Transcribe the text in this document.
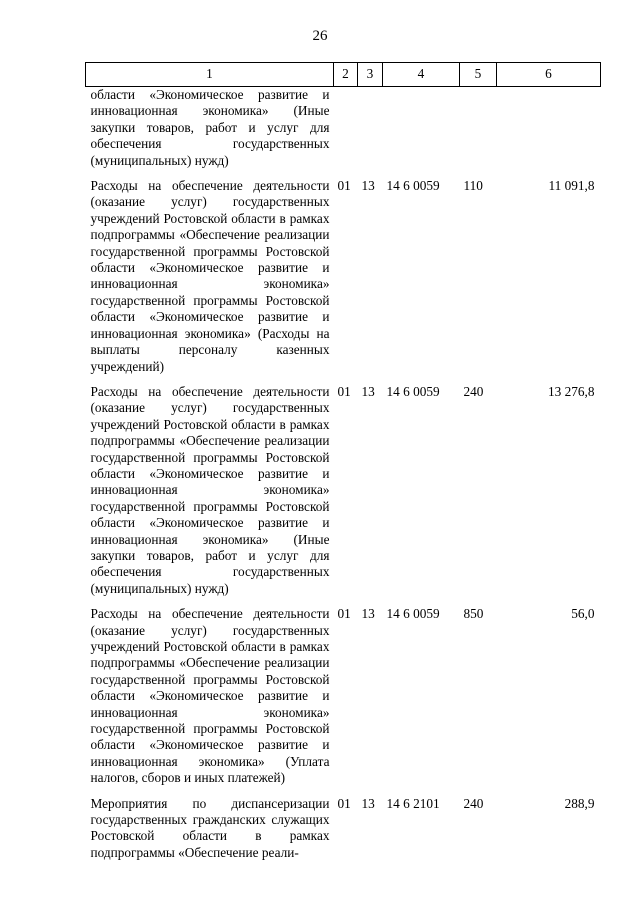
26
1	2	3	4	5	6
области «Экономическое развитие и инновационная экономика» (Иные закупки товаров, работ и услуг для обеспечения государственных (муниципальных) нужд)					
Расходы на обеспечение деятельности (оказание услуг) государственных учреждений Ростовской области в рамках подпрограммы «Обеспечение реализации государственной программы Ростовской области «Экономическое развитие и инновационная экономика» государственной программы Ростовской области «Экономическое развитие и инновационная экономика» (Расходы на выплаты персоналу казенных учреждений)	01	13	14 6 0059	110	11 091,8
Расходы на обеспечение деятельности (оказание услуг) государственных учреждений Ростовской области в рамках подпрограммы «Обеспечение реализации государственной программы Ростовской области «Экономическое развитие и инновационная экономика» государственной программы Ростовской области «Экономическое развитие и инновационная экономика» (Иные закупки товаров, работ и услуг для обеспечения государственных (муниципальных) нужд)	01	13	14 6 0059	240	13 276,8
Расходы на обеспечение деятельности (оказание услуг) государственных учреждений Ростовской области в рамках подпрограммы «Обеспечение реализации государственной программы Ростовской области «Экономическое развитие и инновационная экономика» государственной программы Ростовской области «Экономическое развитие и инновационная экономика» (Уплата налогов, сборов и иных платежей)	01	13	14 6 0059	850	56,0
Мероприятия по диспансеризации государственных гражданских служащих Ростовской области в рамках подпрограммы «Обеспечение реали-	01	13	14 6 2101	240	288,9
